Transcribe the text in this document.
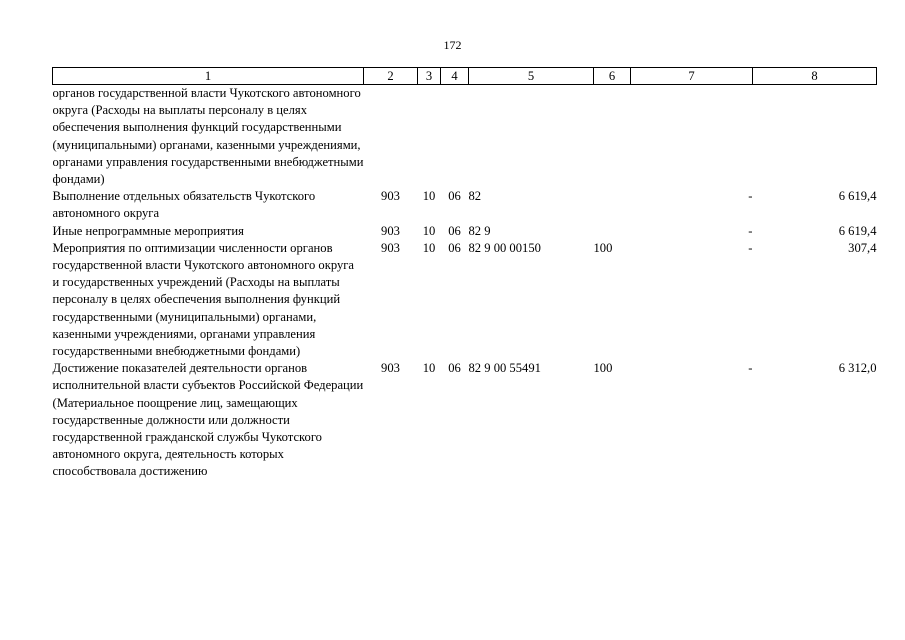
172
1	2	3	4	5	6	7	8
органов государственной власти Чукотского автономного округа (Расходы на выплаты персоналу в целях обеспечения выполнения функций государственными (муниципальными) органами, казенными учреждениями, органами управления государственными внебюджетными фондами)							
Выполнение отдельных обязательств Чукотского автономного округа	903	10	06	82		-	6 619,4
Иные непрограммные мероприятия	903	10	06	82 9		-	6 619,4
Мероприятия по оптимизации численности органов государственной власти Чукотского автономного округа и государственных учреждений (Расходы на выплаты персоналу в целях обеспечения выполнения функций государственными (муниципальными) органами, казенными учреждениями, органами управления государственными внебюджетными фондами)	903	10	06	82 9 00 00150	100	-	307,4
Достижение показателей деятельности органов исполнительной власти субъектов Российской Федерации (Материальное поощрение лиц, замещающих государственные должности или должности государственной гражданской службы Чукотского автономного округа, деятельность которых способствовала достижению	903	10	06	82 9 00 55491	100	-	6 312,0
